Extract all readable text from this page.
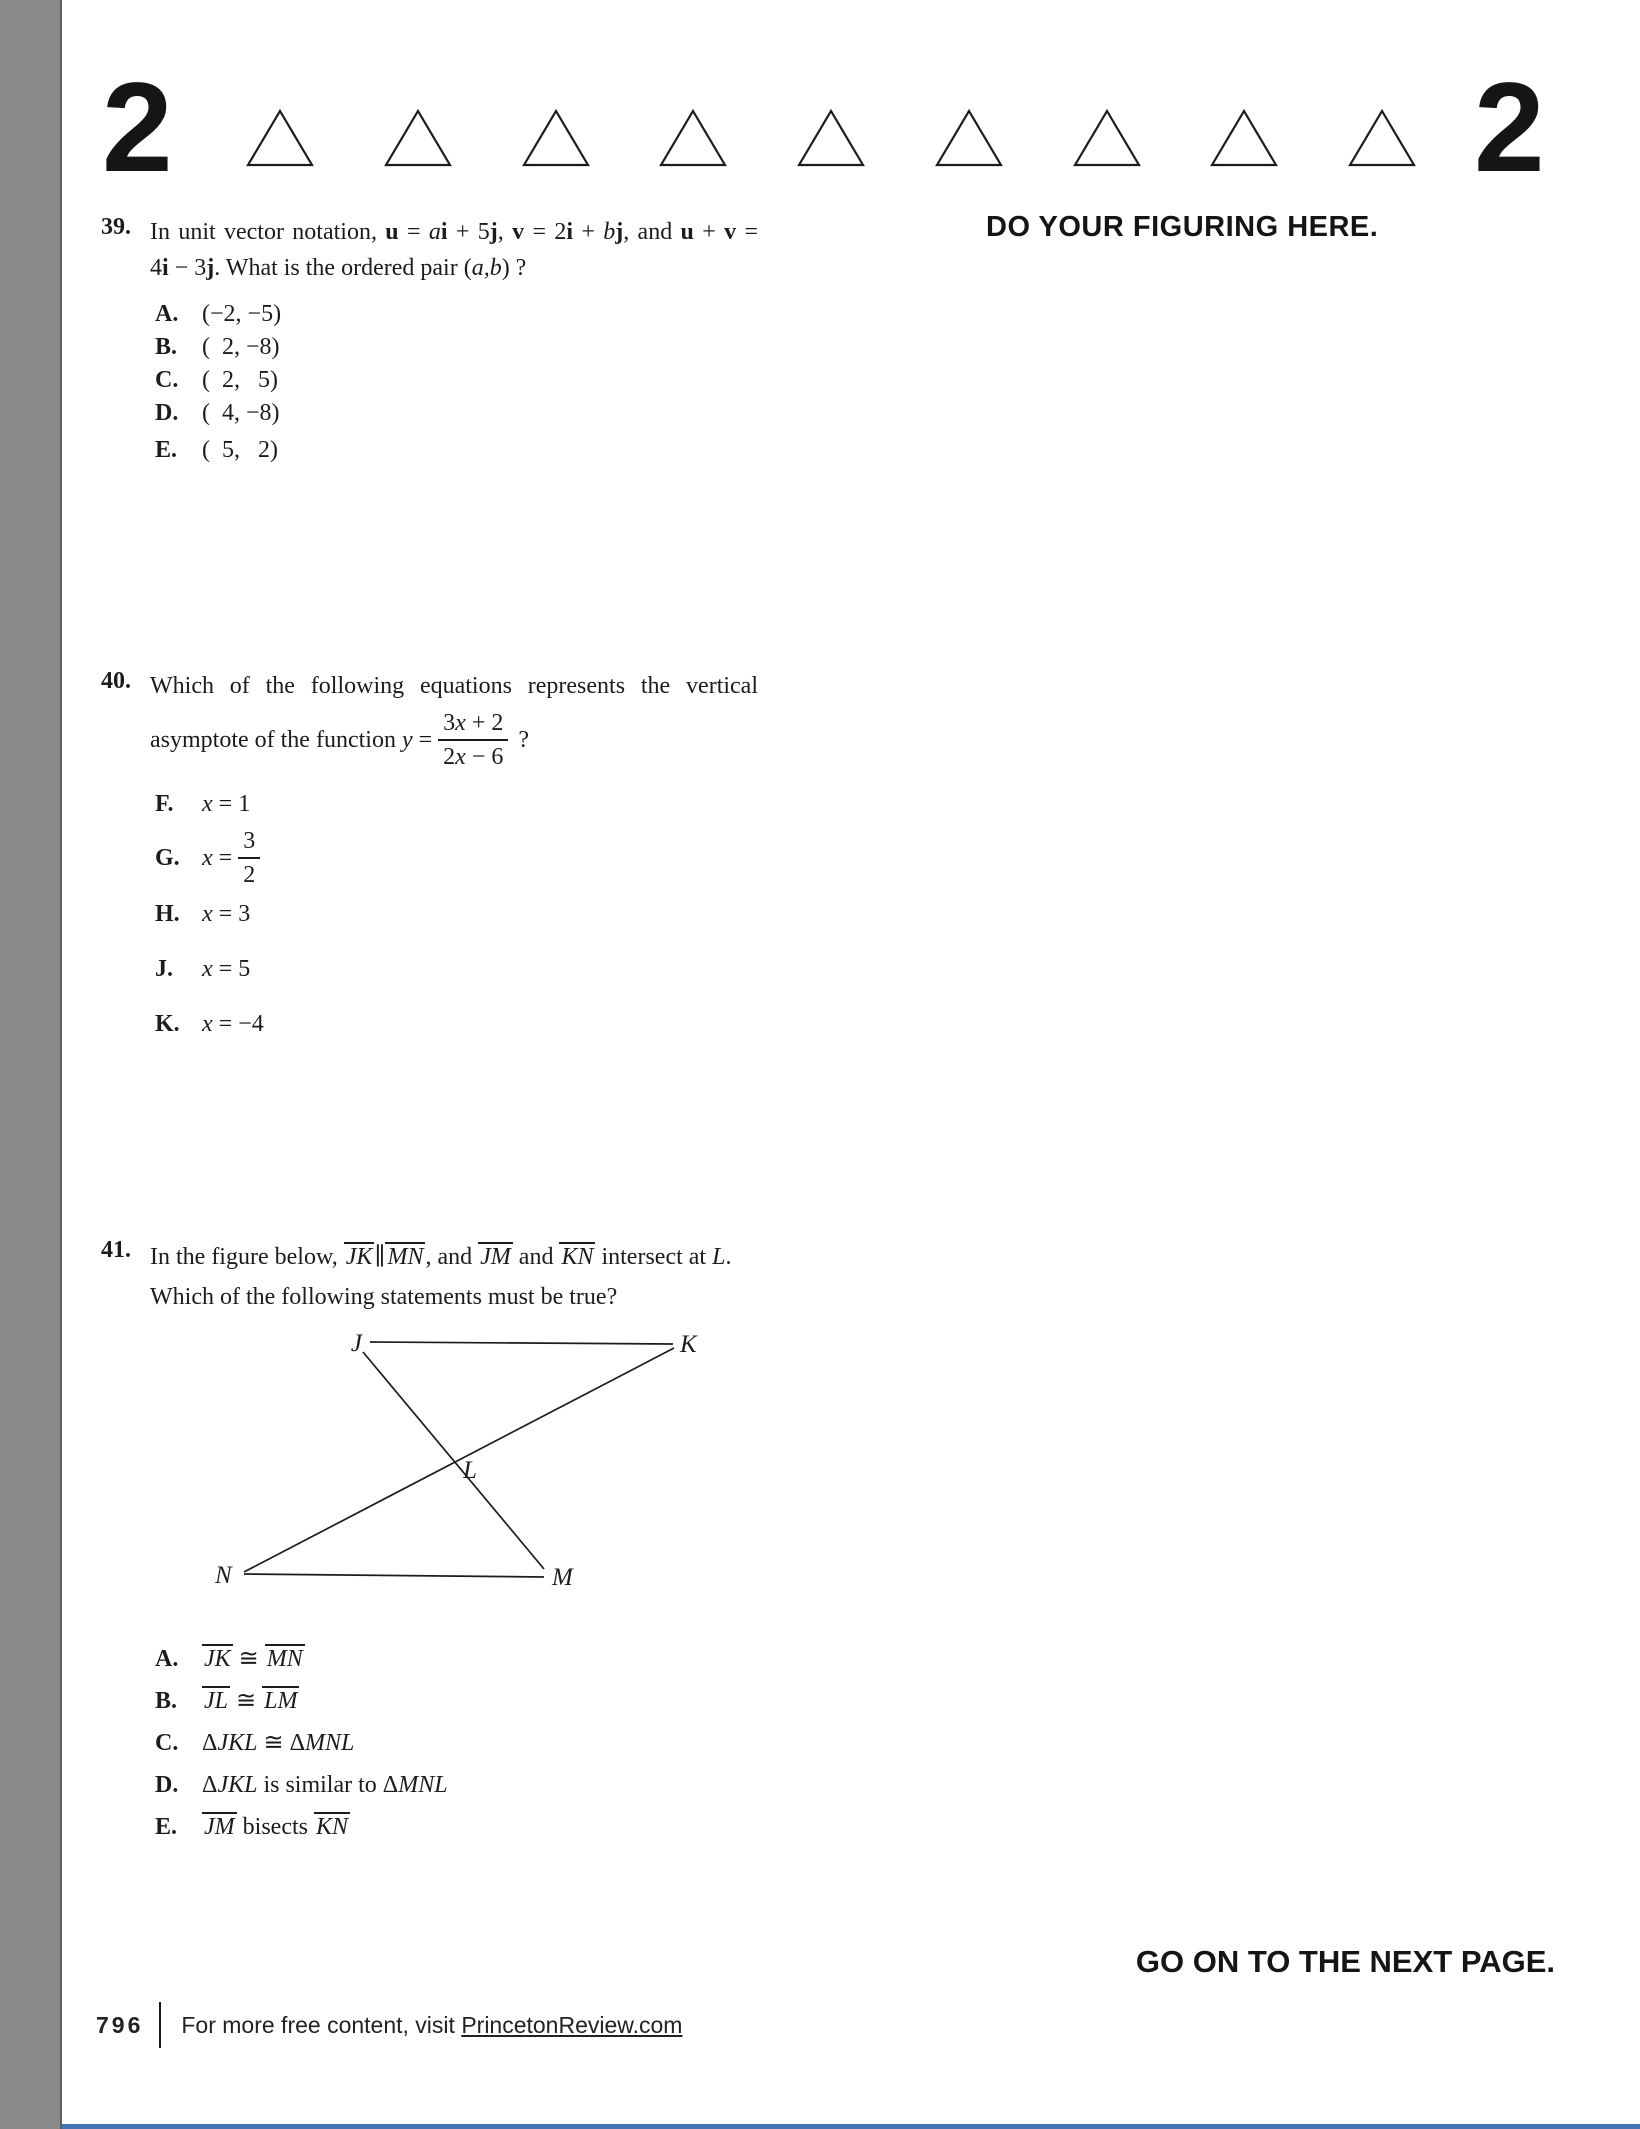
2	2
DO YOUR FIGURING HERE.
39. In unit vector notation, u = ai + 5j, v = 2i + bj, and u + v =
4i − 3j. What is the ordered pair (a,b) ?
A. (−2, −5)
B.	(  2, −8)
C. (  2,   5)
D. (  4, −8)
E.	(  5,   2)
40. Which of the following equations represents the vertical
asymptote of the function $y = \frac{3x + 2}{2x - 6}$ ?
F.	x = 1
G. $x = \frac{3}{2}$
H. x = 3
J.	x = 5
K. x = −4
41. In the figure below, JK∥MN, and JM and KN intersect at L.
Which of the following statements must be true?
J	K
L
N	M
A.	JK ≅ MN
B.	JL ≅ LM
C. ΔJKL ≅ ΔMNL
D. ΔJKL is similar to ΔMNL
E.	JM bisects KN
GO ON TO THE NEXT PAGE.
796 For more free content, visit PrincetonReview.com
